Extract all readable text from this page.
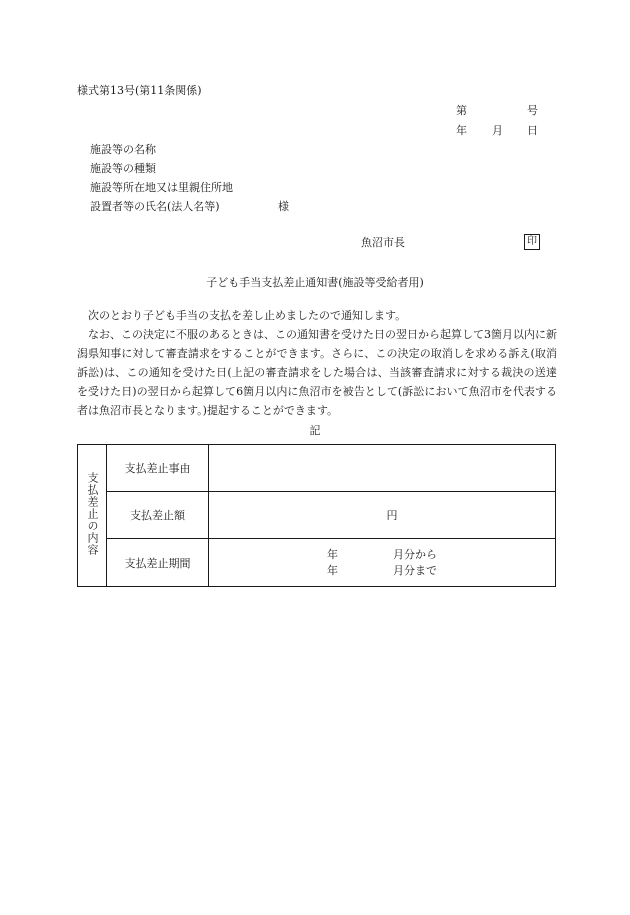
様式第13号(第11条関係)
第	号
年 月 日
施設等の名称
施設等の種類
施設等所在地又は里親住所地
設置者等の氏名(法人名等)	様
魚沼市長	印
子ども手当支払差止通知書(施設等受給者用)

　次のとおり子ども手当の支払を差し止めましたので通知します。

　なお、この決定に不服のあるときは、この通知書を受けた日の翌日から起算して3箇月以内に新潟県知事に対して審査請求をすることができます。さらに、この決定の取消しを求める訴え(取消訴訟)は、この通知を受けた日(上記の審査請求をした場合は、当該審査請求に対する裁決の送達を受けた日)の翌日から起算して6箇月以内に魚沼市を被告として(訴訟において魚沼市を代表する者は魚沼市長となります。)提起することができます。

記
支払差止の内容	支払差止事由	
	支払差止額	円
	支払差止期間	年 月分から
年 月分まで
